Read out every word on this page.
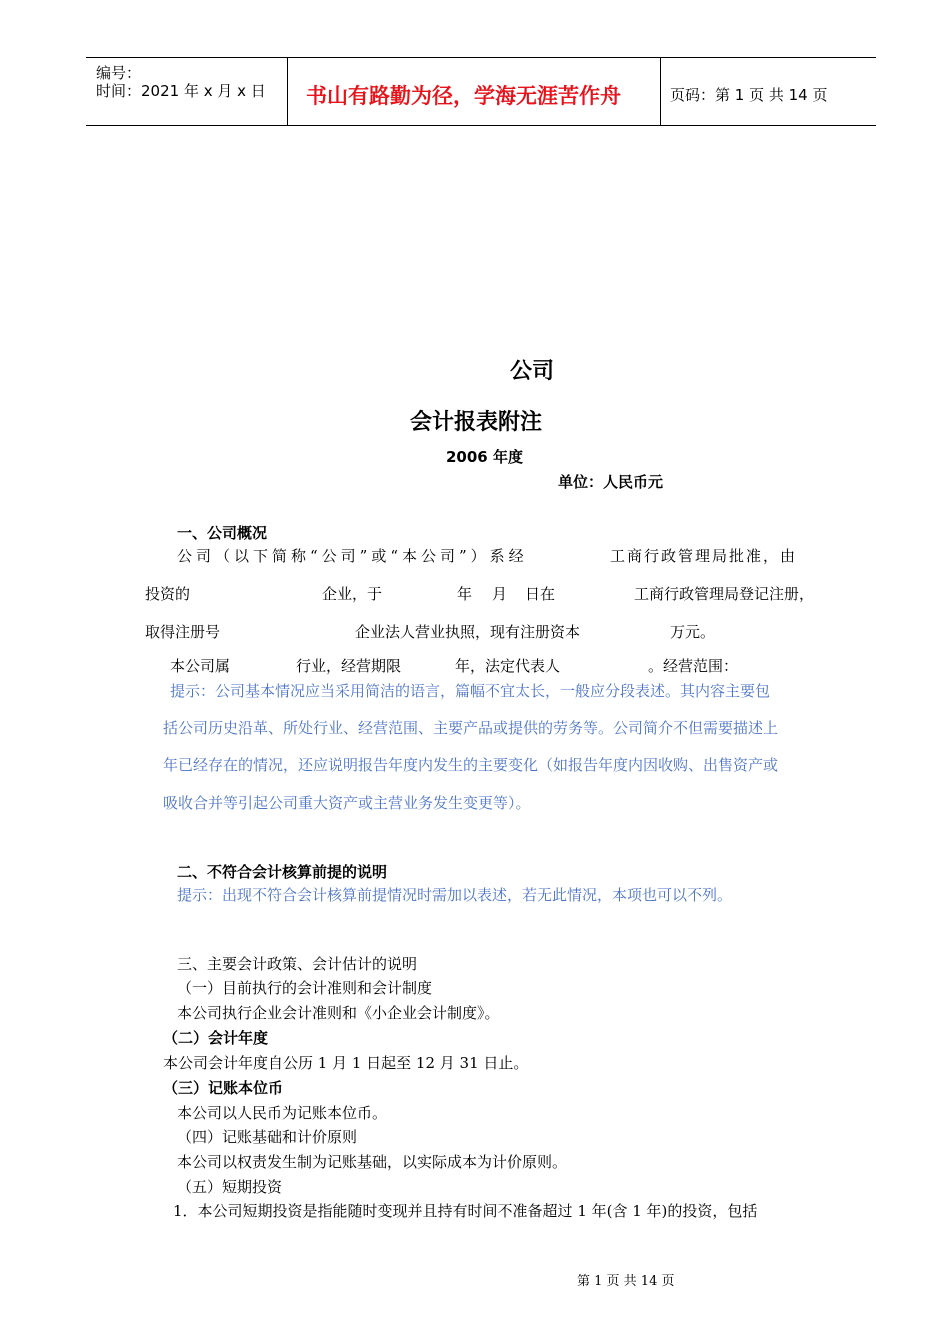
编号：
时间：2021 年 x 月 x 日 书山有路勤为径，学海无涯苦作舟	页码：第 1 页 共 14 页
公司
会计报表附注
2006 年度
单位：人民币元
一、公司概况
公司（以下简称“公司”或“本公司”）系经	工商行政管理局批准，由
投资的	企业，于	年 月 日在	工商行政管理局登记注册，
取得注册号	企业法人营业执照，现有注册资本	万元。
本公司属	行业，经营期限	年，法定代表人	。经营范围：
提示：公司基本情况应当采用简洁的语言，篇幅不宜太长，一般应分段表述。其内容主要包
括公司历史沿革、所处行业、经营范围、主要产品或提供的劳务等。公司简介不但需要描述上
年已经存在的情况，还应说明报告年度内发生的主要变化（如报告年度内因收购、出售资产或
吸收合并等引起公司重大资产或主营业务发生变更等）。
二、不符合会计核算前提的说明
提示：出现不符合会计核算前提情况时需加以表述，若无此情况，本项也可以不列。
三、主要会计政策、会计估计的说明
（一）目前执行的会计准则和会计制度
本公司执行企业会计准则和《小企业会计制度》。
（二）会计年度
本公司会计年度自公历 1 月 1 日起至 12 月 31 日止。
（三）记账本位币
本公司以人民币为记账本位币。
（四）记账基础和计价原则
本公司以权责发生制为记账基础，以实际成本为计价原则。
（五）短期投资
1．本公司短期投资是指能随时变现并且持有时间不准备超过 1 年(含 1 年)的投资，包括
第 1 页 共 14 页
